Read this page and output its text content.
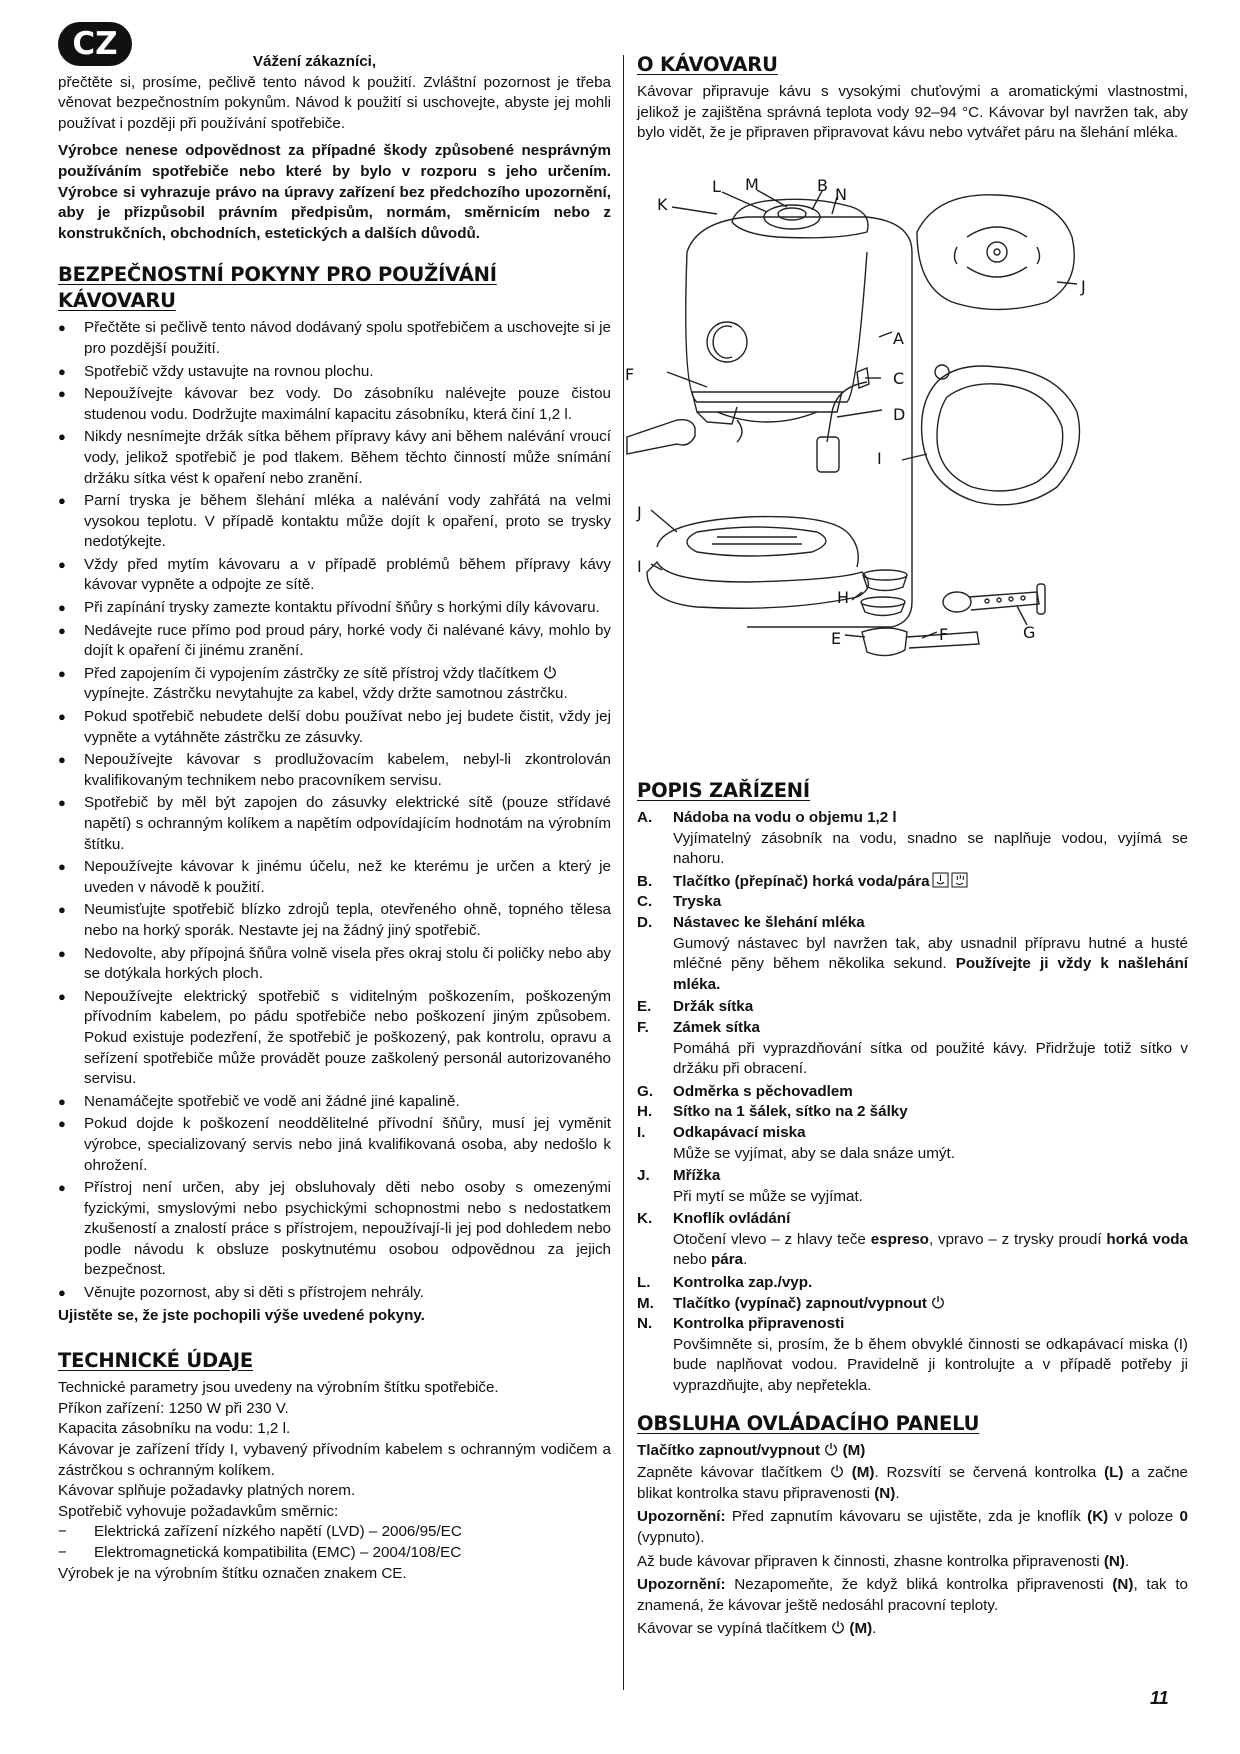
CZ	Vážení zákazníci,

přečtěte si, prosíme, pečlivě tento návod k použití. Zvláštní pozornost je třeba věnovat bezpečnostním pokynům. Návod k použití si uschovejte, abyste jej mohli používat i později při používání spotřebiče.

Výrobce nenese odpovědnost za případné škody způsobené nesprávným používáním spotřebiče nebo které by bylo v rozporu s jeho určením. Výrobce si vyhrazuje právo na úpravy zařízení bez předchozího upozornění, aby je přizpůsobil právním předpisům, normám, směrnicím nebo z konstrukčních, obchodních, estetických a dalších důvodů.

BEZPEČNOSTNÍ POKYNY PRO POUŽÍVÁNÍ KÁVOVARU
● Přečtěte si pečlivě tento návod dodávaný spolu spotřebičem a uschovejte si je pro pozdější použití.
● Spotřebič vždy ustavujte na rovnou plochu.
● Nepoužívejte kávovar bez vody. Do zásobníku nalévejte pouze čistou studenou vodu. Dodržujte maximální kapacitu zásobníku, která činí 1,2 l.
● Nikdy nesnímejte držák sítka během přípravy kávy ani během nalévání vroucí vody, jelikož spotřebič je pod tlakem. Během těchto činností může snímání držáku sítka vést k opaření nebo zranění.
● Parní tryska je během šlehání mléka a nalévání vody zahřátá na velmi vysokou teplotu. V případě kontaktu může dojít k opaření, proto se trysky nedotýkejte.
● Vždy před mytím kávovaru a v případě problémů během přípravy kávy kávovar vypněte a odpojte ze sítě.
● Při zapínání trysky zamezte kontaktu přívodní šňůry s horkými díly kávovaru.
● Nedávejte ruce přímo pod proud páry, horké vody či nalévané kávy, mohlo by dojít k opaření či jinému zranění.
● Před zapojením či vypojením zástrčky ze sítě přístroj vždy tlačítkem
vypínejte. Zástrčku nevytahujte za kabel, vždy držte samotnou zástrčku.
● Pokud spotřebič nebudete delší dobu používat nebo jej budete čistit, vždy jej vypněte a vytáhněte zástrčku ze zásuvky.
● Nepoužívejte kávovar s prodlužovacím kabelem, nebyl-li zkontrolován kvalifikovaným technikem nebo pracovníkem servisu.
● Spotřebič by měl být zapojen do zásuvky elektrické sítě (pouze střídavé napětí) s ochranným kolíkem a napětím odpovídajícím hodnotám na výrobním štítku.
● Nepoužívejte kávovar k jinému účelu, než ke kterému je určen a který je uveden v návodě k použití.
● Neumisťujte spotřebič blízko zdrojů tepla, otevřeného ohně, topného tělesa nebo na horký sporák. Nestavte jej na žádný jiný spotřebič.
● Nedovolte, aby přípojná šňůra volně visela přes okraj stolu či poličky nebo aby se dotýkala horkých ploch.
● Nepoužívejte elektrický spotřebič s viditelným poškozením, poškozeným přívodním kabelem, po pádu spotřebiče nebo poškození jiným způsobem. Pokud existuje podezření, že spotřebič je poškozený, pak kontrolu, opravu a seřízení spotřebiče může provádět pouze zaškolený personál autorizovaného servisu.
● Nenamáčejte spotřebič ve vodě ani žádné jiné kapalině.
● Pokud dojde k poškození neoddělitelné přívodní šňůry, musí jej vyměnit výrobce, specializovaný servis nebo jiná kvalifikovaná osoba, aby nedošlo k ohrožení.
● Přístroj není určen, aby jej obsluhovaly děti nebo osoby s omezenými fyzickými, smyslovými nebo psychickými schopnostmi nebo s nedostatkem zkušeností a znalostí práce s přístrojem, nepoužívají-li jej pod dohledem nebo podle návodu k obsluze poskytnutému osobou odpovědnou za jejich bezpečnost.
● Věnujte pozornost, aby si děti s přístrojem nehrály.

Ujistěte se, že jste pochopili výše uvedené pokyny.

TECHNICKÉ ÚDAJE

Technické parametry jsou uvedeny na výrobním štítku spotřebiče.

Příkon zařízení: 1250 W při 230 V.

Kapacita zásobníku na vodu: 1,2 l.

Kávovar je zařízení třídy I, vybavený přívodním kabelem s ochranným vodičem a zástrčkou s ochranným kolíkem.

Kávovar splňuje požadavky platných norem.

Spotřebič vyhovuje požadavkům směrnic:

− Elektrická zařízení nízkého napětí (LVD) – 2006/95/EC
− Elektromagnetická kompatibilita (EMC) – 2004/108/EC

Výrobek je na výrobním štítku označen znakem CE.

O KÁVOVARU

Kávovar připravuje kávu s vysokými chuťovými a aromatickými vlastnostmi, jelikož je zajištěna správná teplota vody 92–94 °C. Kávovar byl navržen tak, aby bylo vidět, že je připraven připravovat kávu nebo vytvářet páru na šlehání mléka.

L M	B N
K
A
C
D
F
I
J
J
I
H
E	F	G
POPIS ZAŘÍZENÍ
A.	Nádoba na vodu o objemu 1,2 l
Vyjímatelný zásobník na vodu, snadno se naplňuje vodou, vyjímá se nahoru.
B.	Tlačítko (přepínač) horká voda/pára
C.	Tryska
D.	Nástavec ke šlehání mléka
Gumový nástavec byl navržen tak, aby usnadnil přípravu hutné a husté mléčné pěny během několika sekund. Používejte ji vždy k našlehání mléka.
E.	Držák sítka
F.	Zámek sítka
Pomáhá při vyprazdňování sítka od použité kávy. Přidržuje totiž sítko v držáku při obracení.
G.	Odměrka s pěchovadlem
H.	Sítko na 1 šálek, sítko na 2 šálky
I.	Odkapávací miska
Může se vyjímat, aby se dala snáze umýt.
J.	Mřížka
Při mytí se může se vyjímat.
K.	Knoflík ovládání
Otočení vlevo – z hlavy teče espreso, vpravo – z trysky proudí horká voda nebo pára.
L.	Kontrolka zap./vyp.
M.	Tlačítko (vypínač) zapnout/vypnout
N.	Kontrolka připravenosti
Povšimněte si, prosím, že b ěhem obvyklé činnosti se odkapávací miska (I) bude naplňovat vodou. Pravidelně ji kontrolujte a v případě potřeby ji vyprazdňujte, aby nepřetekla.
OBSLUHA OVLÁDACÍHO PANELU

Tlačítko zapnout/vypnout (M)

Zapněte kávovar tlačítkem  (M). Rozsvítí se červená kontrolka (L) a začne blikat kontrolka stavu připravenosti (N).

Upozornění: Před zapnutím kávovaru se ujistěte, zda je knoflík (K) v poloze 0 (vypnuto).

Až bude kávovar připraven k činnosti, zhasne kontrolka připravenosti (N).

Upozornění: Nezapomeňte, že když bliká kontrolka připravenosti (N), tak to znamená, že kávovar ještě nedosáhl pracovní teploty.

Kávovar se vypíná tlačítkem  (M).

11
